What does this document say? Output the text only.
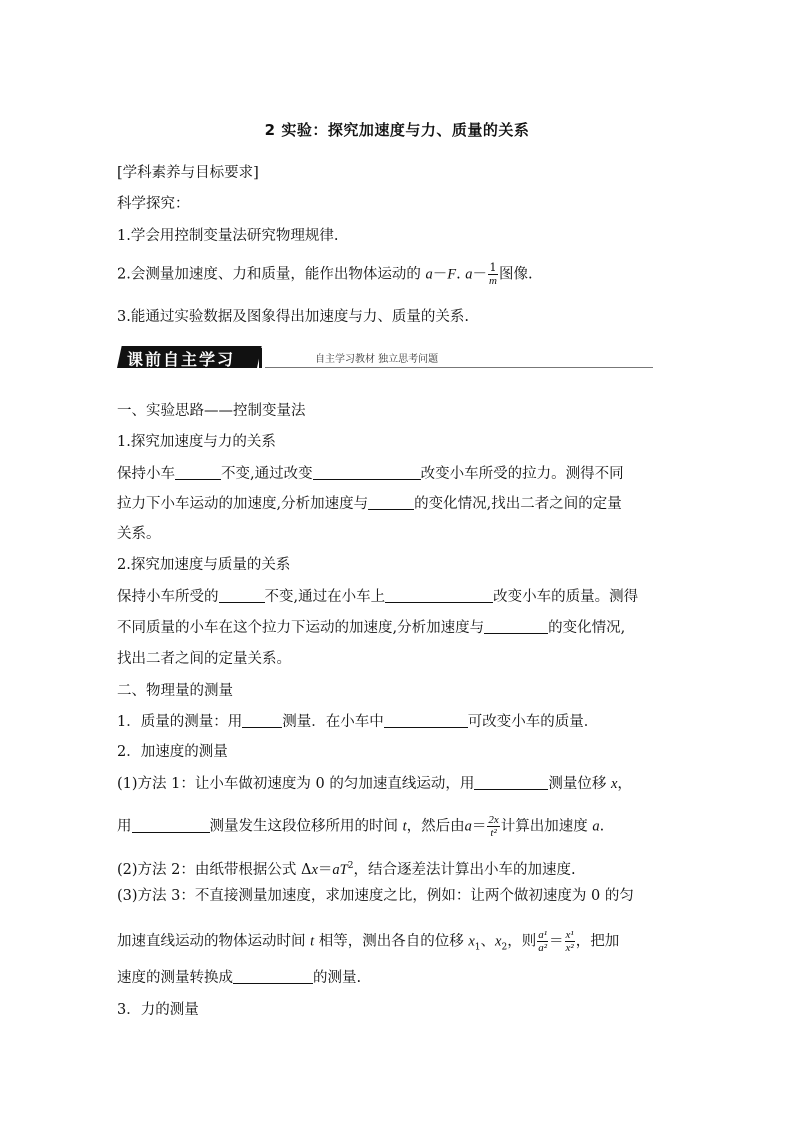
2 实验：探究加速度与力、质量的关系
[学科素养与目标要求]
科学探究：
1.学会用控制变量法研究物理规律.
2.会测量加速度、力和质量，能作出物体运动的 a－F. $a- \frac{1}{m}$ 图像.
3.能通过实验数据及图象得出加速度与力、质量的关系.
课前自主学习	自主学习教材 独立思考问题
一、实验思路——控制变量法
1.探究加速度与力的关系
保持小车	不变,通过改变	改变小车所受的拉力。测得不同
拉力下小车运动的加速度,分析加速度与	的变化情况,找出二者之间的定量
关系。
2.探究加速度与质量的关系
保持小车所受的	不变,通过在小车上	改变小车的质量。测得
不同质量的小车在这个拉力下运动的加速度,分析加速度与	的变化情况,
找出二者之间的定量关系。
二、物理量的测量
1．质量的测量：用	测量．在小车中	可改变小车的质量．
2．加速度的测量
(1)方法 1：让小车做初速度为 0 的匀加速直线运动，用	测量位移 x，
用	测量发生这段位移所用的时间 t，然后由$a= \frac{2x}{\text{t²}}$ 计算出加速度 a.
(2)方法 2：由纸带根据公式 $\Delta x=aT^2$，结合逐差法计算出小车的加速度.
(3)方法 3：不直接测量加速度，求加速度之比，例如：让两个做初速度为 0 的匀
加速直线运动的物体运动时间 t 相等，测出各自的位移 $x_1$、$x_2$，则 $\frac{\text{a¹}}{\text{a²}} = \frac{\text{x¹}}{\text{x²}}$ ，把加
速度的测量转换成	的测量.
3．力的测量
